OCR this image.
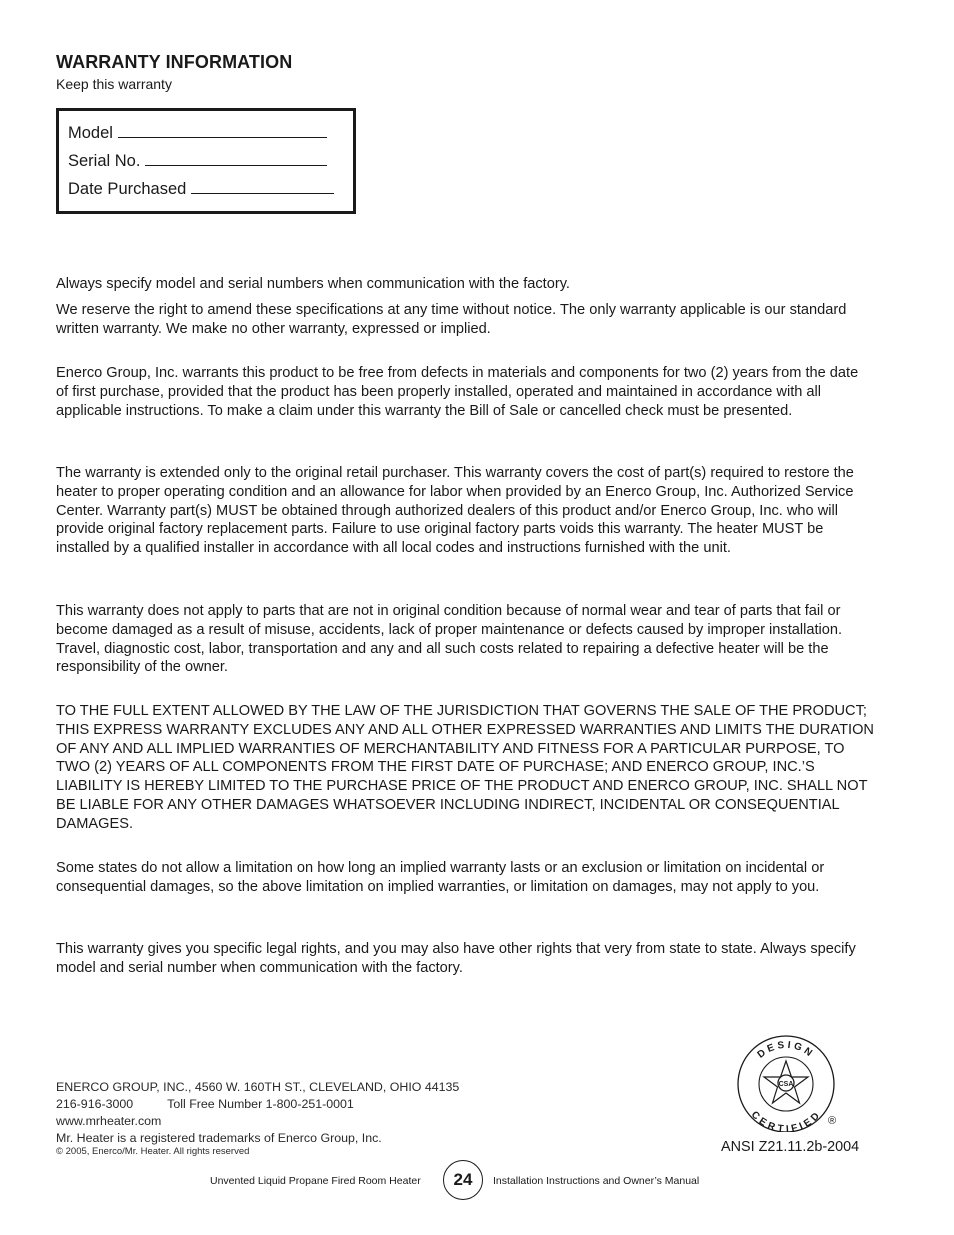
WARRANTY INFORMATION
Keep this warranty
Model
Serial No.
Date Purchased

Always specify model and serial numbers when communication with the factory.

We reserve the right to amend these specifications at any time without notice. The only warranty applicable is our standard written warranty. We make no other warranty, expressed or implied.

Enerco Group, Inc. warrants this product to be free from defects in materials and components for two (2) years from the date of first purchase, provided that the product has been properly installed, operated and maintained in accordance with all applicable instructions. To make a claim under this warranty the Bill of Sale or cancelled check must be presented.

The warranty is extended only to the original retail purchaser. This warranty covers the cost of part(s) required to restore the heater to proper operating condition and an allowance for labor when provided by an Enerco Group, Inc. Authorized Service Center. Warranty part(s) MUST be obtained through authorized dealers of this product and/or Enerco Group, Inc. who will provide original factory replacement parts. Failure to use original factory parts voids this warranty. The heater MUST be installed by a qualified installer in accordance with all local codes and instructions furnished with the unit.

This warranty does not apply to parts that are not in original condition because of normal wear and tear of parts that fail or become damaged as a result of misuse, accidents, lack of proper maintenance or defects caused by improper installation. Travel, diagnostic cost, labor, transportation and any and all such costs related to repairing a defective heater will be the responsibility of the owner.

TO THE FULL EXTENT ALLOWED BY THE LAW OF THE JURISDICTION THAT GOVERNS THE SALE OF THE PRODUCT; THIS EXPRESS WARRANTY EXCLUDES ANY AND ALL OTHER EXPRESSED WARRANTIES AND LIMITS THE DURATION OF ANY AND ALL IMPLIED WARRANTIES OF MERCHANTABILITY AND FITNESS FOR A PARTICULAR PURPOSE, TO TWO (2) YEARS OF ALL COMPONENTS FROM THE FIRST DATE OF PURCHASE; AND ENERCO GROUP, INC.’S LIABILITY IS HEREBY LIMITED TO THE PURCHASE PRICE OF THE PRODUCT AND ENERCO GROUP, INC. SHALL NOT BE LIABLE FOR ANY OTHER DAMAGES WHATSOEVER INCLUDING INDIRECT, INCIDENTAL OR CONSEQUENTIAL DAMAGES.

Some states do not allow a limitation on how long an implied warranty lasts or an exclusion or limitation on incidental or consequential damages, so the above limitation on implied warranties, or limitation on damages, may not apply to you.

This warranty gives you specific legal rights, and you may also have other rights that very from state to state. Always specify model and serial number when communication with the factory.

ENERCO GROUP, INC., 4560 W. 160TH ST., CLEVELAND, OHIO 44135
216-916-3000	Toll Free Number 1-800-251-0001
www.mrheater.com
Mr. Heater is a registered trademarks of Enerco Group, Inc.
© 2005, Enerco/Mr. Heater. All rights reserved
CSA
DESIGN
CERTIFIED ®
ANSI Z21.11.2b-2004
Unvented Liquid Propane Fired Room Heater	24	Installation Instructions and Owner’s Manual
